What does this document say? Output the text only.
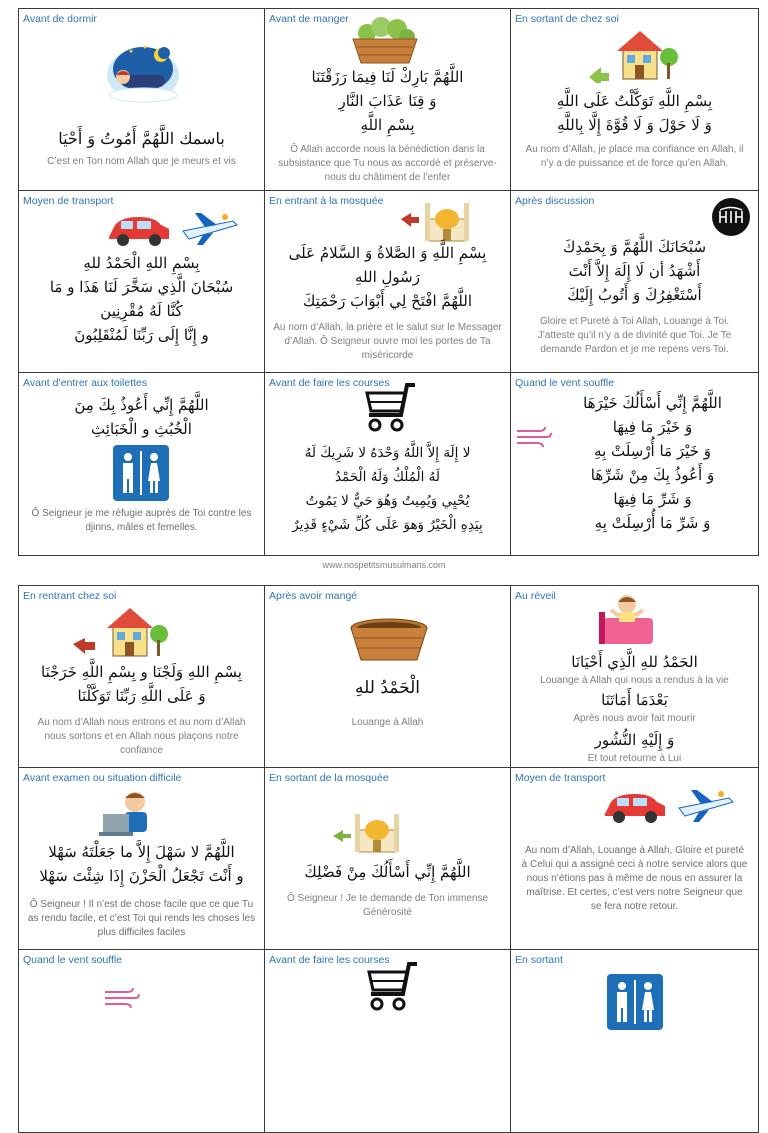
Avant de dormir
باسمك اللَّهُمَّ أَمُوتُ وَ أَحْيَا
C’est en Ton nom Allah que je meurs et vis
Avant de manger
اللَّهُمَّ بَارِكْ لَنَا فِيمَا رَزَقْتَنَا
وَ قِنَا عَذَابَ النَّارِ
بِسْمِ اللَّهِ
Ô Allah accorde nous la bénédiction dans la subsistance que Tu nous as accordé et préserve-nous du châtiment de l’enfer
En sortant de chez soi
بِسْمِ اللَّهِ تَوَكَّلْتُ عَلَى اللَّهِ
وَ لَا حَوْلَ وَ لَا قُوَّةَ إِلَّا بِاللَّهِ
Au nom d’Allah, je place ma confiance en Allah, il n’y a de puissance et de force qu’en Allah.
Moyen de transport
بِسْمِ اللهِ الْحَمْدُ للهِ
سُبْحَانَ الَّذِي سَخَّرَ لَنَا هَذَا و مَا
كُنَّا لَهُ مُقْرِنِين
و إِنَّا إِلَى رَبِّنَا لَمُنْقَلِبُونَ
En entrant à la mosquée
بِسْمِ اللَّهِ وَ الصَّلاةُ وَ السَّلامُ عَلَى
رَسُولِ اللهِ
اللَّهُمَّ افْتَحْ لِي أَبْوَابَ رَحْمَتِكَ
Au nom d’Allah, la prière et le salut sur le Messager d’Allah. Ô Seigneur ouvre moi les portes de Ta miséricorde
Après discussion
سُبْحَانَكَ اللَّهُمَّ وَ بِحَمْدِكَ
أَشْهَدُ أن لَا إِلَهَ إِلاَّ أَنْتَ
أَسْتَغْفِرُكَ وَ أَتُوبُ إِلَيْكَ
Gloire et Pureté à Toi Allah, Louange à Toi. J’atteste qu’il n’y a de divinité que Toi. Je Te demande Pardon et je me repens vers Toi.
Avant d’entrer aux toilettes
اللَّهُمَّ إِنِّي أَعُوذُ بِكَ مِنَ
الْخُبُثِ و الْخَبَائِثِ
Ô Seigneur je me réfugie auprès de Toi contre les djinns, mâles et femelles.
Avant de faire les courses
لا إِلَهَ إِلاَّ اللَّهُ وَحْدَهُ لا شَرِيكَ لَهُ
لَهُ الْمُلْكُ وَلَهُ الْحَمْدُ
يُحْيِي وَيُمِيتُ وَهُوَ حَيٌّ لا يَمُوتُ
بِيَدِهِ الْخَيْرُ وَهوَ عَلَى كُلِّ شَيْءٍ قَدِيرٌ
Quand le vent souffle
اللَّهُمَّ إِنِّي أَسْأَلُكَ خَيْرَهَا
وَ خَيْرَ مَا فِيهَا
وَ خَيْرَ مَا أُرْسِلَتْ بِهِ
وَ أَعُوذُ بِكَ مِنْ شَرِّهَا
وَ شَرِّ مَا فِيهَا
وَ شَرِّ مَا أُرْسِلَتْ بِهِ
www.nospetitsmusulmans.com
En rentrant chez soi
بِسْمِ اللهِ وَلَجْنَا و بِسْمِ اللَّهِ خَرَجْنَا
وَ عَلَى اللَّهِ رَبِّنَا تَوَكَّلْنَا
Au nom d’Allah nous entrons et au nom d’Allah nous sortons et en Allah nous plaçons notre confiance
Après avoir mangé
الْحَمْدُ للهِ
Louange à Allah
Au réveil
الحَمْدُ للهِ الَّذِي أَحْيَانَا
Louange à Allah qui nous a rendus à la vie
بَعْدَمَا أَمَاتَنَا
Après nous avoir fait mourir
وَ إِلَيْهِ النُّشُور
Et tout retourne à Lui
Avant examen ou situation difficile
اللَّهُمَّ لا سَهْلَ إِلاَّ ما جَعَلْتَهُ سَهْلا
و أَنْتَ تَجْعَلُ الْحَزْنَ إِذَا شِئْتَ سَهْلا
Ô Seigneur ! Il n’est de chose facile que ce que Tu as rendu facile, et c’est Toi qui rends les choses les plus difficiles faciles
En sortant de la mosquée
اللَّهُمَّ إِنِّي أَسْأَلُكَ مِنْ فَضْلِكَ
Ô Seigneur ! Je te demande de Ton immense Générosité
Moyen de transport
Au nom d’Allah, Louange à Allah, Gloire et pureté à Celui qui a assigné ceci à notre service alors que nous n’étions pas à même de nous en assurer la maîtrise. Et certes, c’est vers notre Seigneur que se fera notre retour.
Quand le vent souffle	Avant de faire les courses	En sortant
